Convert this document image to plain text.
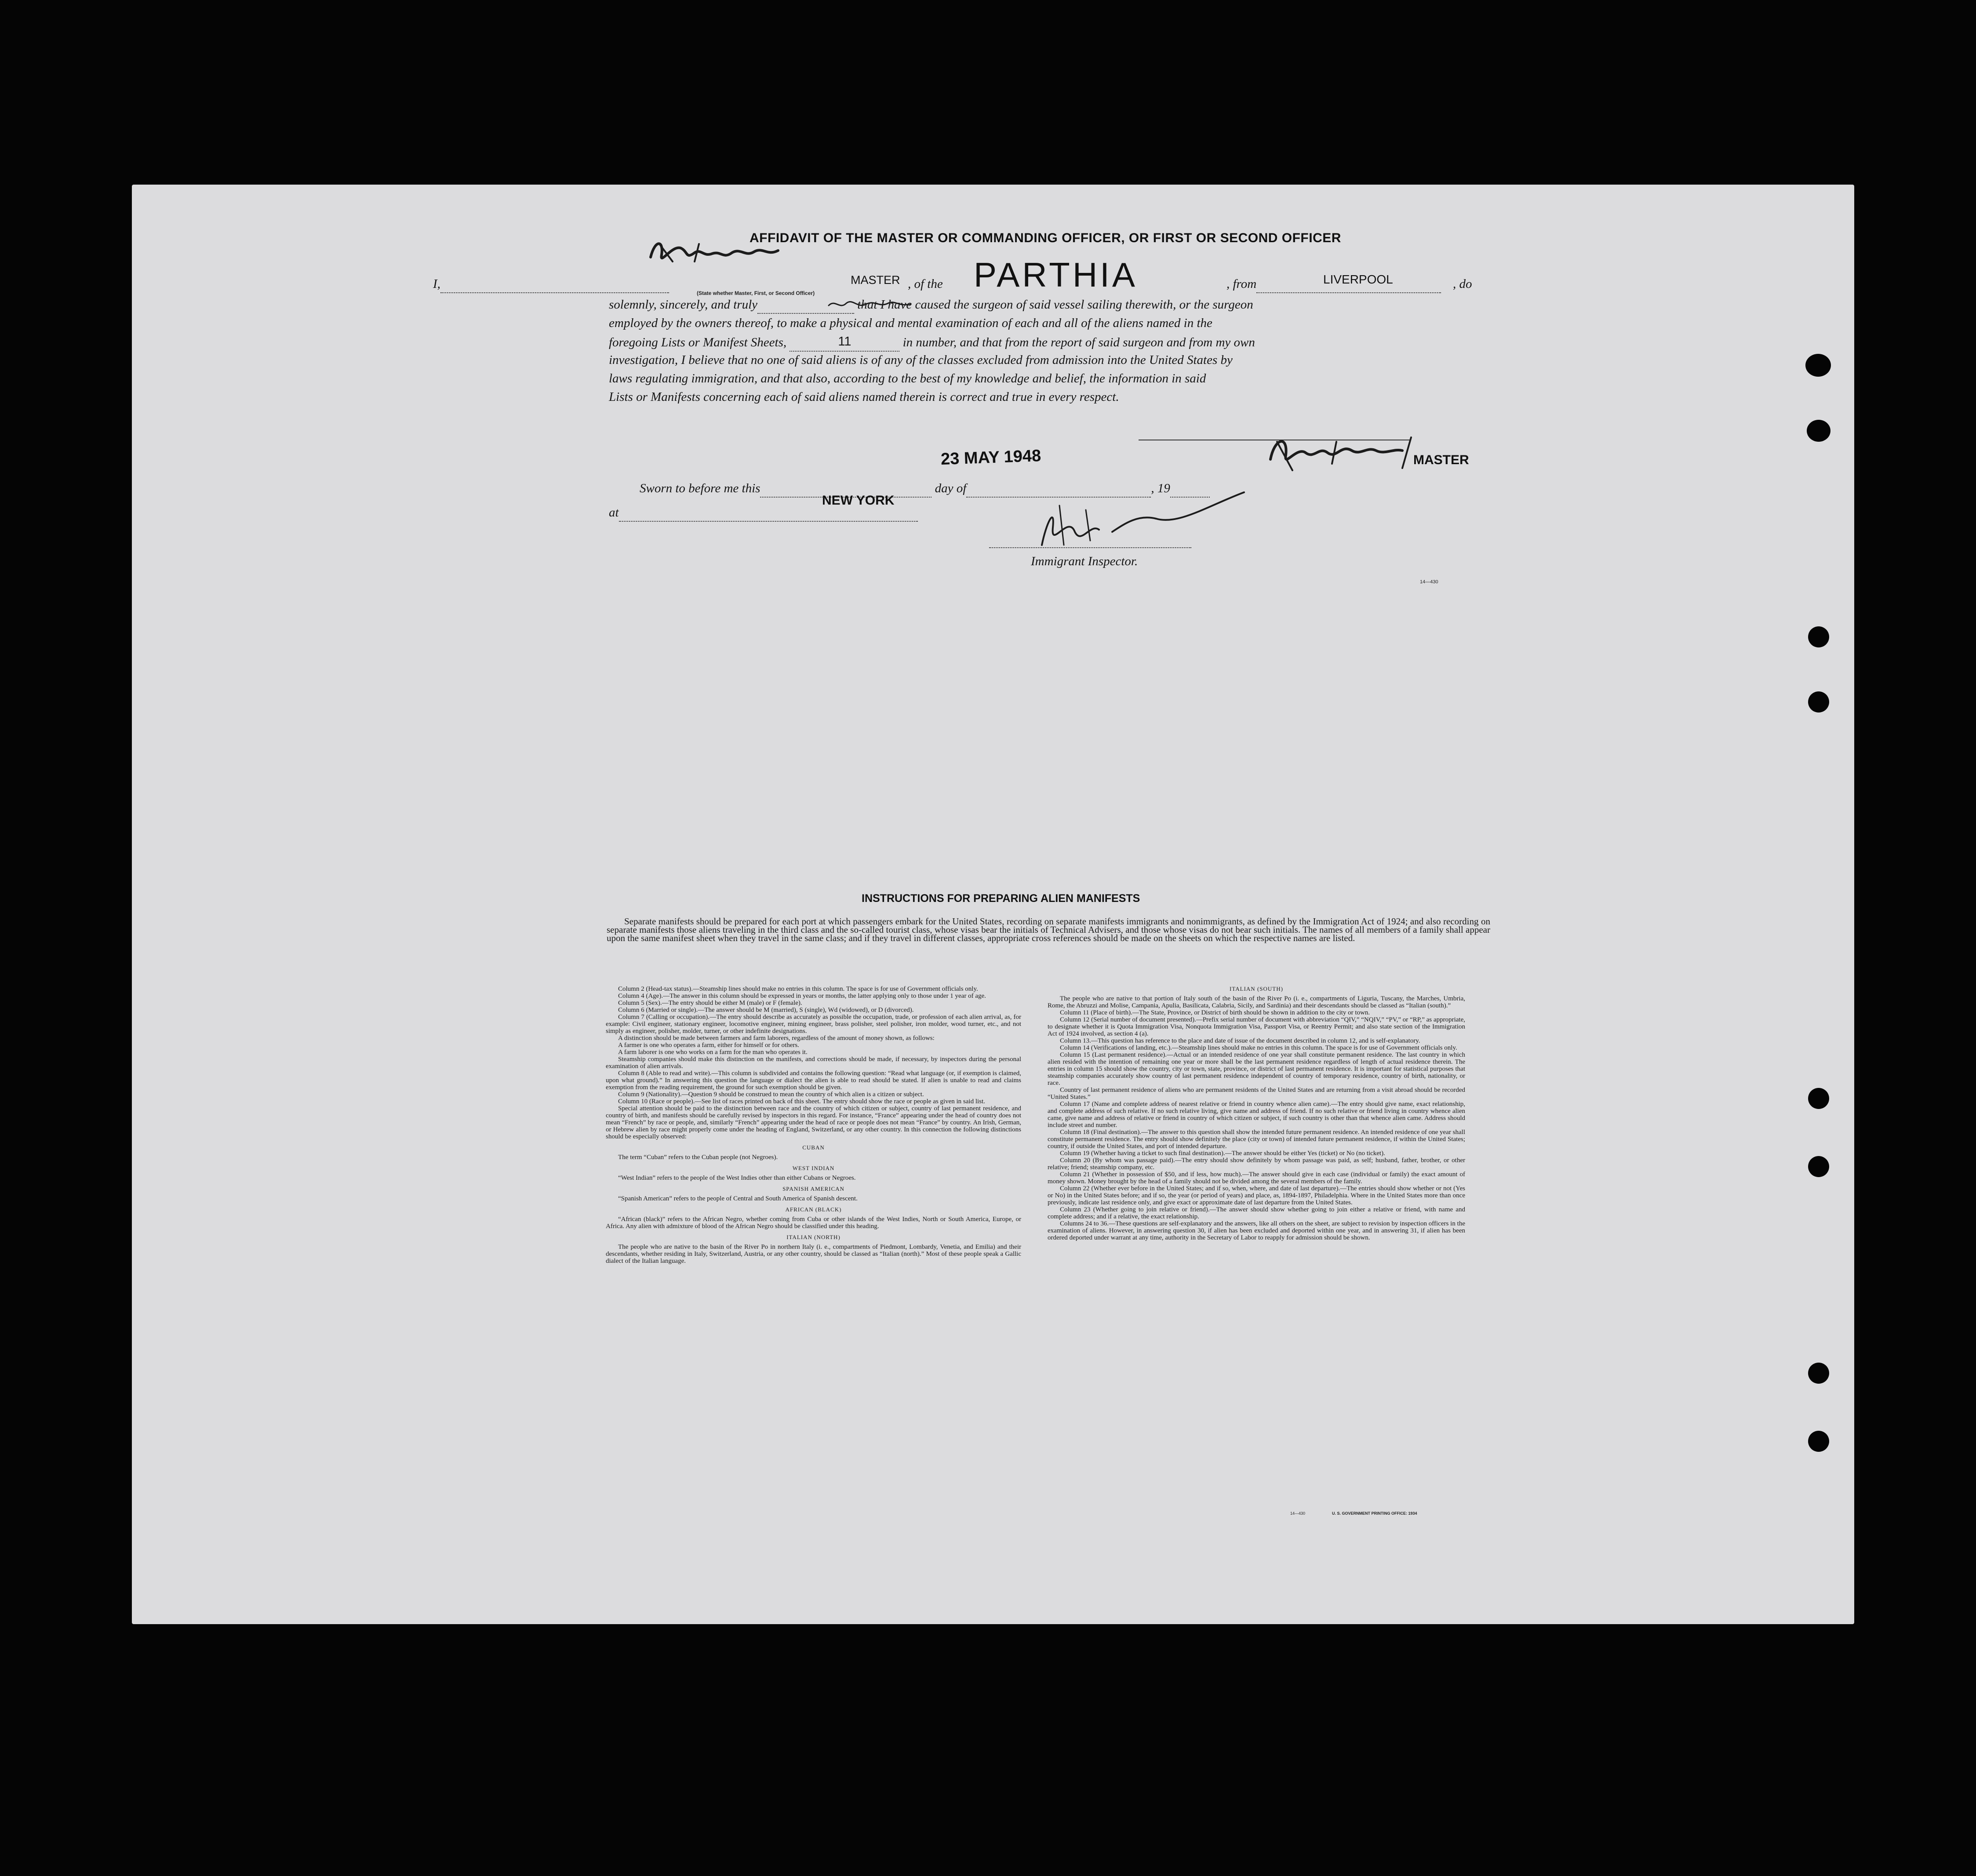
AFFIDAVIT OF THE MASTER OR COMMANDING OFFICER, OR FIRST OR SECOND OFFICER
I,	MASTER , of the PARTHIA	, from	LIVERPOOL	, do
(State whether Master, First, or Second Officer)
solemnly, sincerely, and truly	that I have caused the surgeon of said vessel sailing therewith, or the surgeon
employed by the owners thereof, to make a physical and mental examination of each and all of the aliens named in the
foregoing Lists or Manifest Sheets,	11	in number, and that from the report of said surgeon and from my own
investigation, I believe that no one of said aliens is of any of the classes excluded from admission into the United States by
laws regulating immigration, and that also, according to the best of my knowledge and belief, the information in said
Lists or Manifests concerning each of said aliens named therein is correct and true in every respect.
MASTER
23 MAY 1948
Sworn to before me this	day of	, 19
at
NEW YORK
Immigrant Inspector.
14—430
INSTRUCTIONS FOR PREPARING ALIEN MANIFESTS
Separate manifests should be prepared for each port at which passengers embark for the United States, recording on separate manifests immigrants and nonimmigrants, as defined by the Immigration Act of 1924; and also recording on separate manifests those aliens traveling in the third class and the so-called tourist class, whose visas bear the initials of Technical Advisers, and those whose visas do not bear such initials. The names of all members of a family shall appear upon the same manifest sheet when they travel in the same class; and if they travel in different classes, appropriate cross references should be made on the sheets on which the respective names are listed.

Column 2 (Head-tax status).—Steamship lines should make no entries in this column. The space is for use of Government officials only.

Column 4 (Age).—The answer in this column should be expressed in years or months, the latter applying only to those under 1 year of age.

Column 5 (Sex).—The entry should be either M (male) or F (female).

Column 6 (Married or single).—The answer should be M (married), S (single), Wd (widowed), or D (divorced).

Column 7 (Calling or occupation).—The entry should describe as accurately as possible the occupation, trade, or profession of each alien arrival, as, for example: Civil engineer, stationary engineer, locomotive engineer, mining engineer, brass polisher, steel polisher, iron molder, wood turner, etc., and not simply as engineer, polisher, molder, turner, or other indefinite designations.

A distinction should be made between farmers and farm laborers, regardless of the amount of money shown, as follows:

A farmer is one who operates a farm, either for himself or for others.

A farm laborer is one who works on a farm for the man who operates it.

Steamship companies should make this distinction on the manifests, and corrections should be made, if necessary, by inspectors during the personal examination of alien arrivals.

Column 8 (Able to read and write).—This column is subdivided and contains the following question: “Read what language (or, if exemption is claimed, upon what ground).” In answering this question the language or dialect the alien is able to read should be stated. If alien is unable to read and claims exemption from the reading requirement, the ground for such exemption should be given.

Column 9 (Nationality).—Question 9 should be construed to mean the country of which alien is a citizen or subject.

Column 10 (Race or people).—See list of races printed on back of this sheet. The entry should show the race or people as given in said list.

Special attention should be paid to the distinction between race and the country of which citizen or subject, country of last permanent residence, and country of birth, and manifests should be carefully revised by inspectors in this regard. For instance, “France” appearing under the head of country does not mean “French” by race or people, and, similarly “French” appearing under the head of race or people does not mean “France” by country. An Irish, German, or Hebrew alien by race might properly come under the heading of England, Switzerland, or any other country. In this connection the following distinctions should be especially observed:

CUBAN

The term “Cuban” refers to the Cuban people (not Negroes).

WEST INDIAN

“West Indian” refers to the people of the West Indies other than either Cubans or Negroes.

SPANISH AMERICAN

“Spanish American” refers to the people of Central and South America of Spanish descent.

AFRICAN (BLACK)

“African (black)” refers to the African Negro, whether coming from Cuba or other islands of the West Indies, North or South America, Europe, or Africa. Any alien with admixture of blood of the African Negro should be classified under this heading.

ITALIAN (NORTH)

The people who are native to the basin of the River Po in northern Italy (i. e., compartments of Piedmont, Lombardy, Venetia, and Emilia) and their descendants, whether residing in Italy, Switzerland, Austria, or any other country, should be classed as “Italian (north).” Most of these people speak a Gallic dialect of the Italian language.

ITALIAN (SOUTH)

The people who are native to that portion of Italy south of the basin of the River Po (i. e., compartments of Liguria, Tuscany, the Marches, Umbria, Rome, the Abruzzi and Molise, Campania, Apulia, Basilicata, Calabria, Sicily, and Sardinia) and their descendants should be classed as “Italian (south).”

Column 11 (Place of birth).—The State, Province, or District of birth should be shown in addition to the city or town.

Column 12 (Serial number of document presented).—Prefix serial number of document with abbreviation “QIV,” “NQIV,” “PV,” or “RP,” as appropriate, to designate whether it is Quota Immigration Visa, Nonquota Immigration Visa, Passport Visa, or Reentry Permit; and also state section of the Immigration Act of 1924 involved, as section 4 (a).

Column 13.—This question has reference to the place and date of issue of the document described in column 12, and is self-explanatory.

Column 14 (Verifications of landing, etc.).—Steamship lines should make no entries in this column. The space is for use of Government officials only.

Column 15 (Last permanent residence).—Actual or an intended residence of one year shall constitute permanent residence. The last country in which alien resided with the intention of remaining one year or more shall be the last permanent residence regardless of length of actual residence therein. The entries in column 15 should show the country, city or town, state, province, or district of last permanent residence. It is important for statistical purposes that steamship companies accurately show country of last permanent residence independent of country of temporary residence, country of birth, nationality, or race.

Country of last permanent residence of aliens who are permanent residents of the United States and are returning from a visit abroad should be recorded “United States.”

Column 17 (Name and complete address of nearest relative or friend in country whence alien came).—The entry should give name, exact relationship, and complete address of such relative. If no such relative living, give name and address of friend. If no such relative or friend living in country whence alien came, give name and address of relative or friend in country of which citizen or subject, if such country is other than that whence alien came. Address should include street and number.

Column 18 (Final destination).—The answer to this question shall show the intended future permanent residence. An intended residence of one year shall constitute permanent residence. The entry should show definitely the place (city or town) of intended future permanent residence, if within the United States; country, if outside the United States, and port of intended departure.

Column 19 (Whether having a ticket to such final destination).—The answer should be either Yes (ticket) or No (no ticket).

Column 20 (By whom was passage paid).—The entry should show definitely by whom passage was paid, as self; husband, father, brother, or other relative; friend; steamship company, etc.

Column 21 (Whether in possession of $50, and if less, how much).—The answer should give in each case (individual or family) the exact amount of money shown. Money brought by the head of a family should not be divided among the several members of the family.

Column 22 (Whether ever before in the United States; and if so, when, where, and date of last departure).—The entries should show whether or not (Yes or No) in the United States before; and if so, the year (or period of years) and place, as, 1894-1897, Philadelphia. Where in the United States more than once previously, indicate last residence only, and give exact or approximate date of last departure from the United States.

Column 23 (Whether going to join relative or friend).—The answer should show whether going to join either a relative or friend, with name and complete address; and if a relative, the exact relationship.

Columns 24 to 36.—These questions are self-explanatory and the answers, like all others on the sheet, are subject to revision by inspection officers in the examination of aliens. However, in answering question 30, if alien has been excluded and deported within one year, and in answering 31, if alien has been ordered deported under warrant at any time, authority in the Secretary of Labor to reapply for admission should be shown.

14—430	U. S. GOVERNMENT PRINTING OFFICE: 1934
